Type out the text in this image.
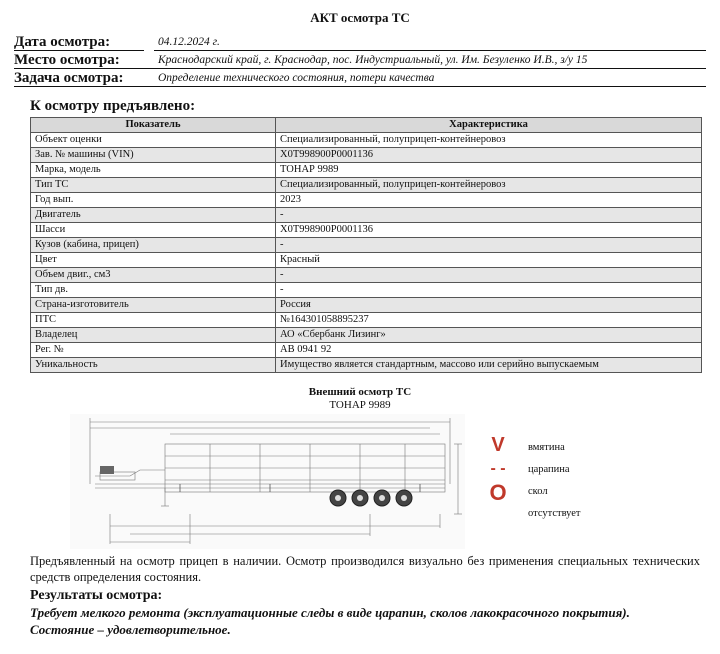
АКТ осмотра ТС
Дата осмотра:	04.12.2024 г.
Место осмотра:	Краснодарский край, г. Краснодар, пос. Индустриальный, ул. Им. Безуленко И.В., з/у 15
Задача осмотра:	Определение технического состояния, потери качества
К осмотру предъявлено:
Показатель	Характеристика
Объект оценки	Специализированный, полуприцеп-контейнеровоз
Зав. № машины (VIN)	X0T998900P0001136
Марка, модель	ТОНАР 9989
Тип ТС	Специализированный, полуприцеп-контейнеровоз
Год вып.	2023
Двигатель	-
Шасси	X0T998900P0001136
Кузов (кабина, прицеп)	-
Цвет	Красный
Объем двиг., см3	-
Тип дв.	-
Страна-изготовитель	Россия
ПТС	№164301058895237
Владелец	АО «Сбербанк Лизинг»
Рег. №	АВ 0941 92
Уникальность	Имущество является стандартным, массово или серийно выпускаемым
Внешний осмотр ТС
ТОНАР 9989
V	вмятина
- -	царапина
O	скол
отсутствует
Предъявленный на осмотр прицеп в наличии. Осмотр производился визуально без применения специальных технических средств определения состояния.
Результаты осмотра:
Требует мелкого ремонта (эксплуатационные следы в виде царапин, сколов лакокрасочного покрытия). Состояние – удовлетворительное.
